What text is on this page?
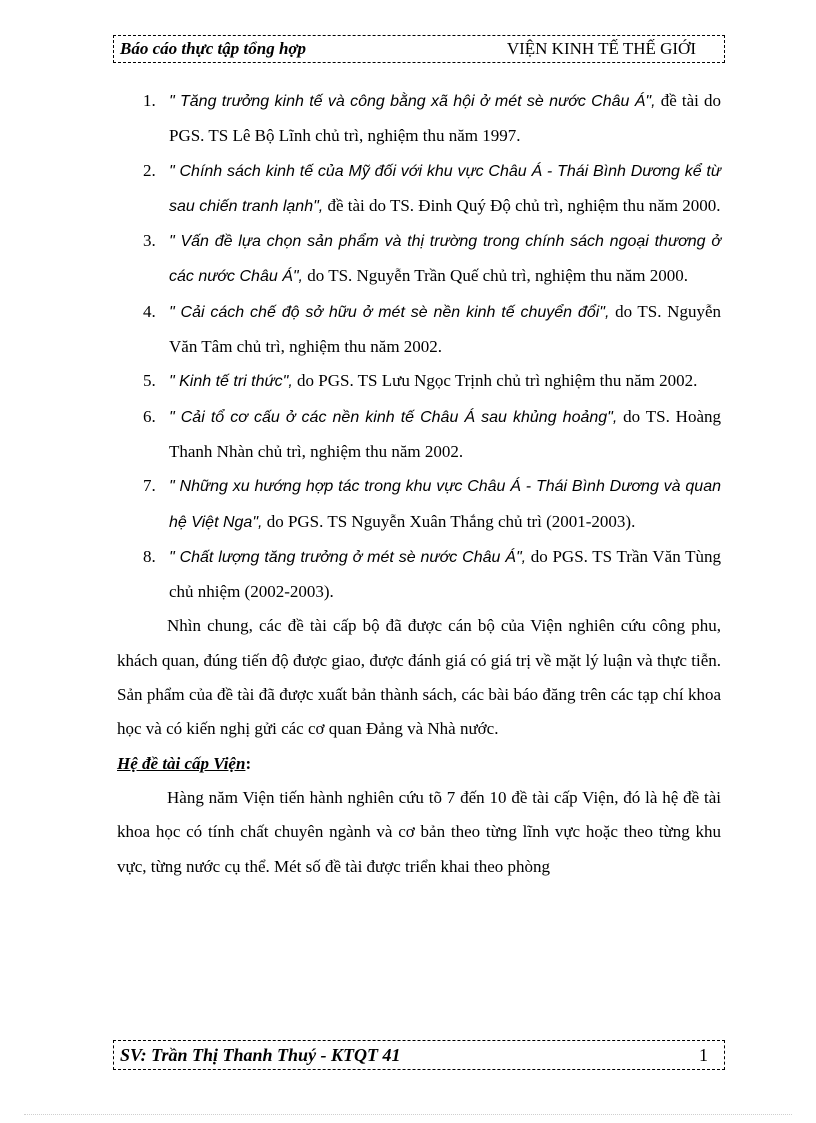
Báo cáo thực tập tổng hợp	VIỆN KINH TẾ THẾ GIỚI
1. " Tăng trưởng kinh tế và công bằng xã hội ở mét sè nước Châu Á", đề tài do PGS. TS Lê Bộ Lĩnh chủ trì, nghiệm thu năm 1997.
2. " Chính sách kinh tế của Mỹ đối với khu vực Châu Á - Thái Bình Dương kể từ sau chiến tranh lạnh", đề tài do TS. Đinh Quý Độ chủ trì, nghiệm thu năm 2000.
3. " Vấn đề lựa chọn sản phẩm và thị trường trong chính sách ngoại thương ở các nước Châu Á", do TS. Nguyễn Trần Quế chủ trì, nghiệm thu năm 2000.
4. " Cải cách chế độ sở hữu ở mét sè nền kinh tế chuyển đổi", do TS. Nguyễn Văn Tâm chủ trì, nghiệm thu năm 2002.
5. " Kinh tế tri thức", do PGS. TS Lưu Ngọc Trịnh chủ trì nghiệm thu năm 2002.
6. " Cải tổ cơ cấu ở các nền kinh tế Châu Á sau khủng hoảng", do TS. Hoàng Thanh Nhàn chủ trì, nghiệm thu năm 2002.
7. " Những xu hướng hợp tác trong khu vực Châu Á - Thái Bình Dương và quan hệ Việt Nga", do PGS. TS Nguyễn Xuân Thắng chủ trì (2001-2003).
8. " Chất lượng tăng trưởng ở mét sè nước Châu Á", do PGS. TS Trần Văn Tùng chủ nhiệm (2002-2003).

Nhìn chung, các đề tài cấp bộ đã được cán bộ của Viện nghiên cứu công phu, khách quan, đúng tiến độ được giao, được đánh giá có giá trị về mặt lý luận và thực tiễn. Sản phẩm của đề tài đã được xuất bản thành sách, các bài báo đăng trên các tạp chí khoa học và có kiến nghị gửi các cơ quan Đảng và Nhà nước.

Hệ đề tài cấp Viện:

Hàng năm Viện tiến hành nghiên cứu tõ 7 đến 10 đề tài cấp Viện, đó là hệ đề tài khoa học có tính chất chuyên ngành và cơ bản theo từng lĩnh vực hoặc theo từng khu vực, từng nước cụ thể. Mét số đề tài được triển khai theo phòng

SV: Trần Thị Thanh Thuý - KTQT 41	1
